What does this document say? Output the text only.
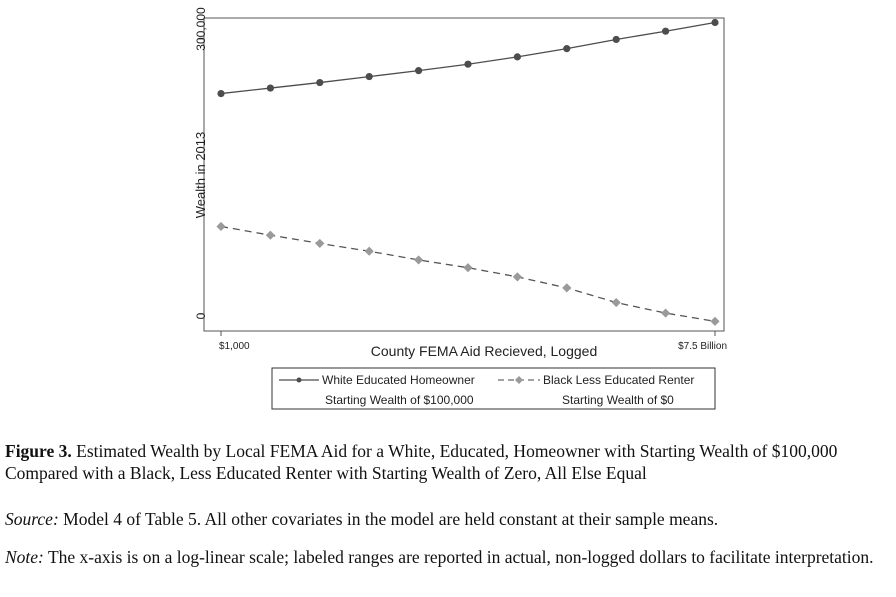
300,000
0
Wealth in 2013
$1,000	$7.5 Billion
County FEMA Aid Recieved, Logged
White Educated Homeowner
Starting Wealth of $100,000
Black Less Educated Renter
Starting Wealth of $0
Figure 3. Estimated Wealth by Local FEMA Aid for a White, Educated, Homeowner with Starting Wealth of $100,000 Compared with a Black, Less Educated Renter with Starting Wealth of Zero, All Else Equal
Source: Model 4 of Table 5. All other covariates in the model are held constant at their sample means.
Note: The x-axis is on a log-linear scale; labeled ranges are reported in actual, non-logged dollars to facilitate interpretation.
